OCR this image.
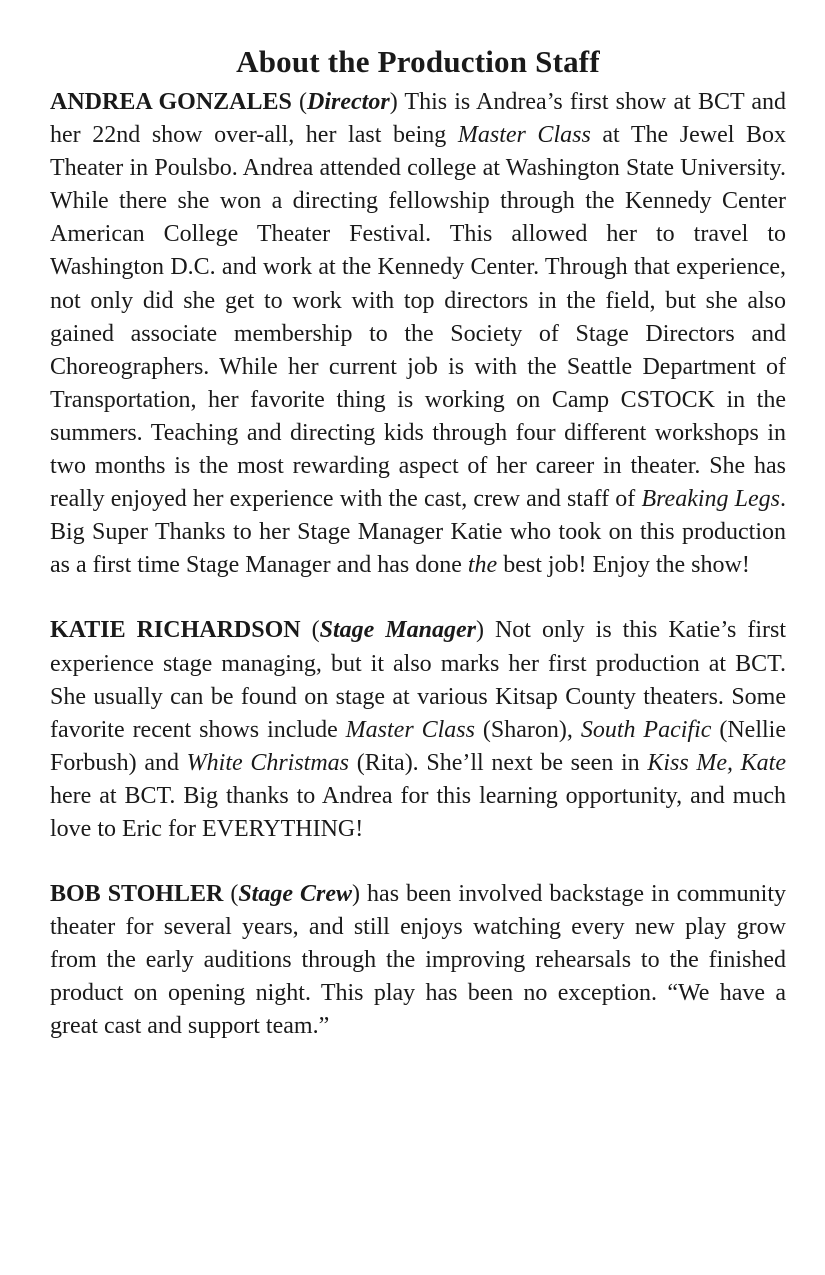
About the Production Staff

ANDREA GONZALES (Director) This is Andrea’s first show at BCT and her 22nd show over-all, her last being Master Class at The Jewel Box Theater in Poulsbo. Andrea attended college at Washington State University. While there she won a directing fellowship through the Kennedy Center American College Theater Festival. This allowed her to travel to Washington D.C. and work at the Kennedy Center. Through that experience, not only did she get to work with top directors in the field, but she also gained associate membership to the Society of Stage Directors and Choreographers. While her current job is with the Seattle Department of Transportation, her favorite thing is working on Camp CSTOCK in the summers. Teaching and directing kids through four different workshops in two months is the most rewarding aspect of her career in theater. She has really enjoyed her experience with the cast, crew and staff of Breaking Legs. Big Super Thanks to her Stage Manager Katie who took on this production as a first time Stage Manager and has done the best job! Enjoy the show!

KATIE RICHARDSON (Stage Manager) Not only is this Katie’s first experience stage managing, but it also marks her first production at BCT. She usually can be found on stage at various Kitsap County theaters. Some favorite recent shows include Master Class (Sharon), South Pacific (Nellie Forbush) and White Christmas (Rita). She’ll next be seen in Kiss Me, Kate here at BCT. Big thanks to Andrea for this learning opportunity, and much love to Eric for EVERYTHING!

BOB STOHLER (Stage Crew) has been involved backstage in community theater for several years, and still enjoys watching every new play grow from the early auditions through the improving rehearsals to the finished product on opening night. This play has been no exception. “We have a great cast and support team.”
